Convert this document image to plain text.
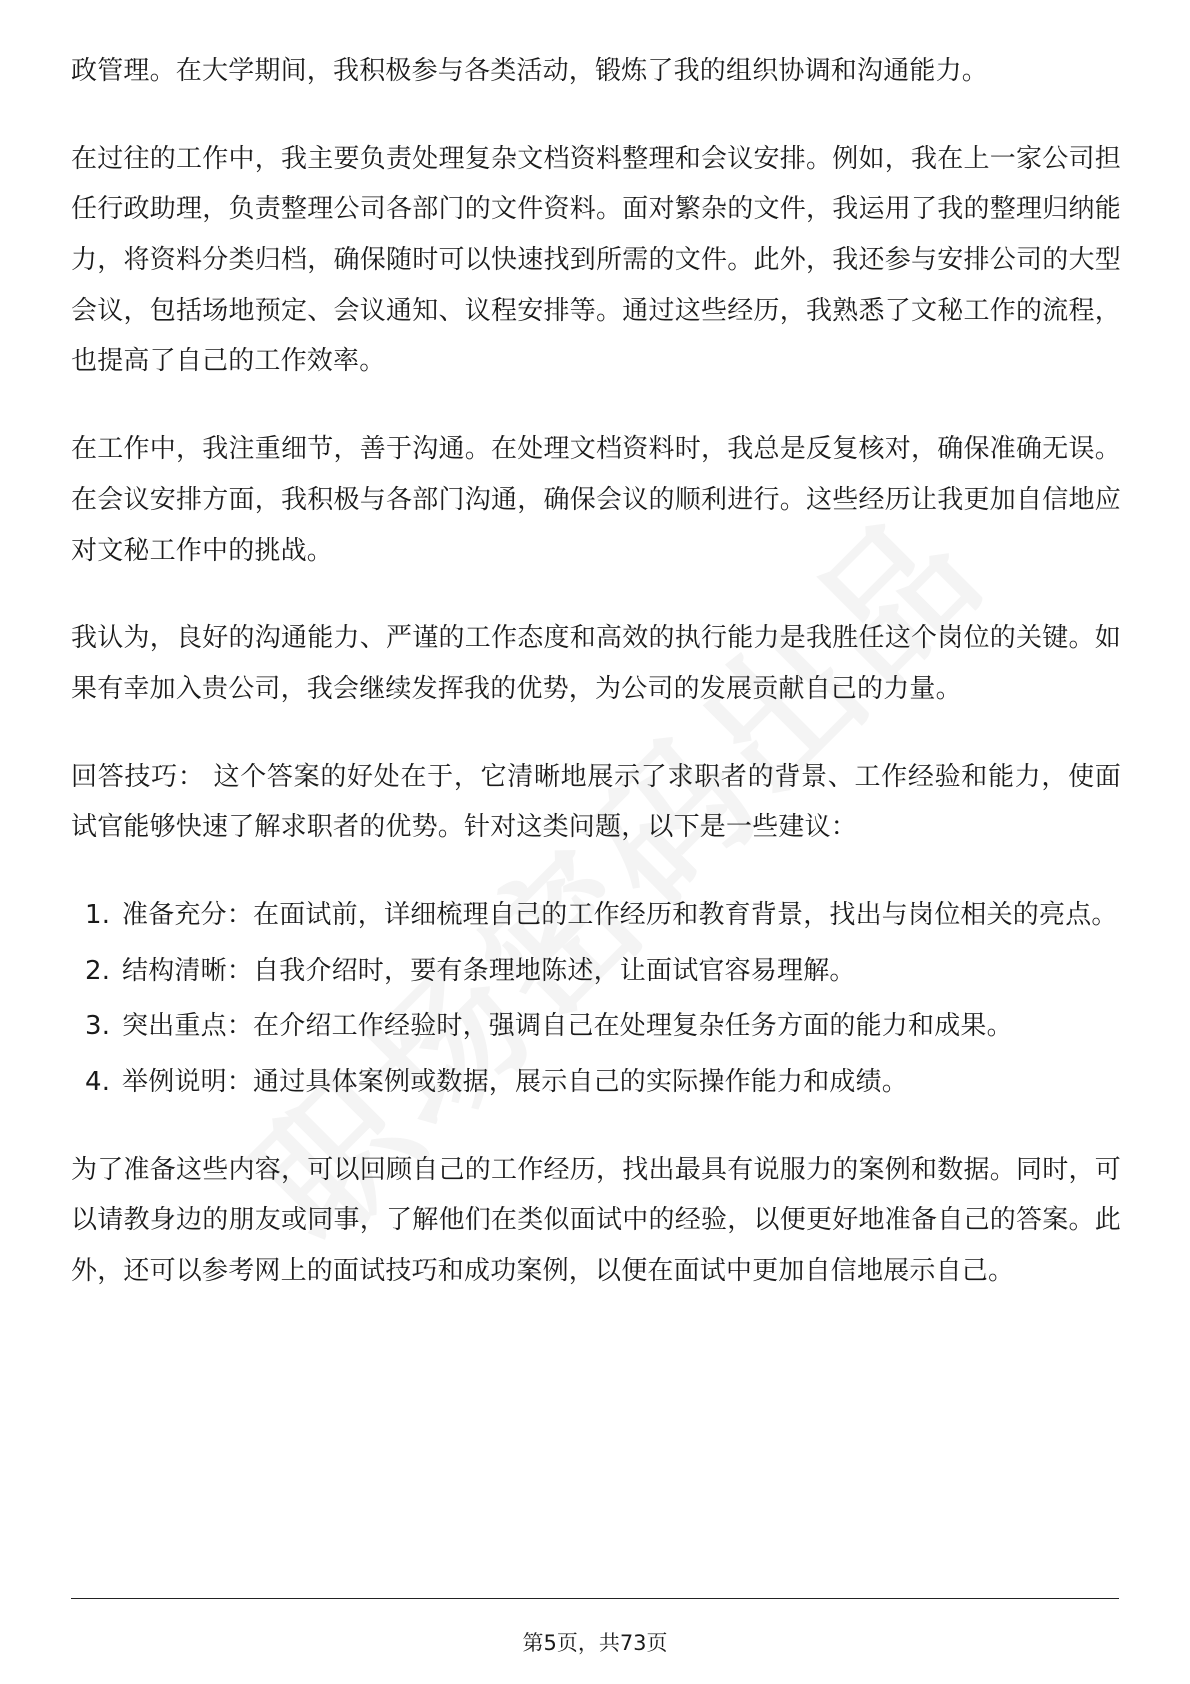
政管理。在大学期间，我积极参与各类活动，锻炼了我的组织协调和沟通能力。

在过往的工作中，我主要负责处理复杂文档资料整理和会议安排。例如，我在上一家公司担任行政助理，负责整理公司各部门的文件资料。面对繁杂的文件，我运用了我的整理归纳能力，将资料分类归档，确保随时可以快速找到所需的文件。此外，我还参与安排公司的大型会议，包括场地预定、会议通知、议程安排等。通过这些经历，我熟悉了文秘工作的流程，也提高了自己的工作效率。

在工作中，我注重细节，善于沟通。在处理文档资料时，我总是反复核对，确保准确无误。在会议安排方面，我积极与各部门沟通，确保会议的顺利进行。这些经历让我更加自信地应对文秘工作中的挑战。

我认为，良好的沟通能力、严谨的工作态度和高效的执行能力是我胜任这个岗位的关键。如果有幸加入贵公司，我会继续发挥我的优势，为公司的发展贡献自己的力量。

回答技巧： 这个答案的好处在于，它清晰地展示了求职者的背景、工作经验和能力，使面试官能够快速了解求职者的优势。针对这类问题，以下是一些建议：

1. 准备充分：在面试前，详细梳理自己的工作经历和教育背景，找出与岗位相关的亮点。
2. 结构清晰：自我介绍时，要有条理地陈述，让面试官容易理解。
3. 突出重点：在介绍工作经验时，强调自己在处理复杂任务方面的能力和成果。
4. 举例说明：通过具体案例或数据，展示自己的实际操作能力和成绩。

为了准备这些内容，可以回顾自己的工作经历，找出最具有说服力的案例和数据。同时，可以请教身边的朋友或同事，了解他们在类似面试中的经验，以便更好地准备自己的答案。此外，还可以参考网上的面试技巧和成功案例，以便在面试中更加自信地展示自己。

第5页，共73页
